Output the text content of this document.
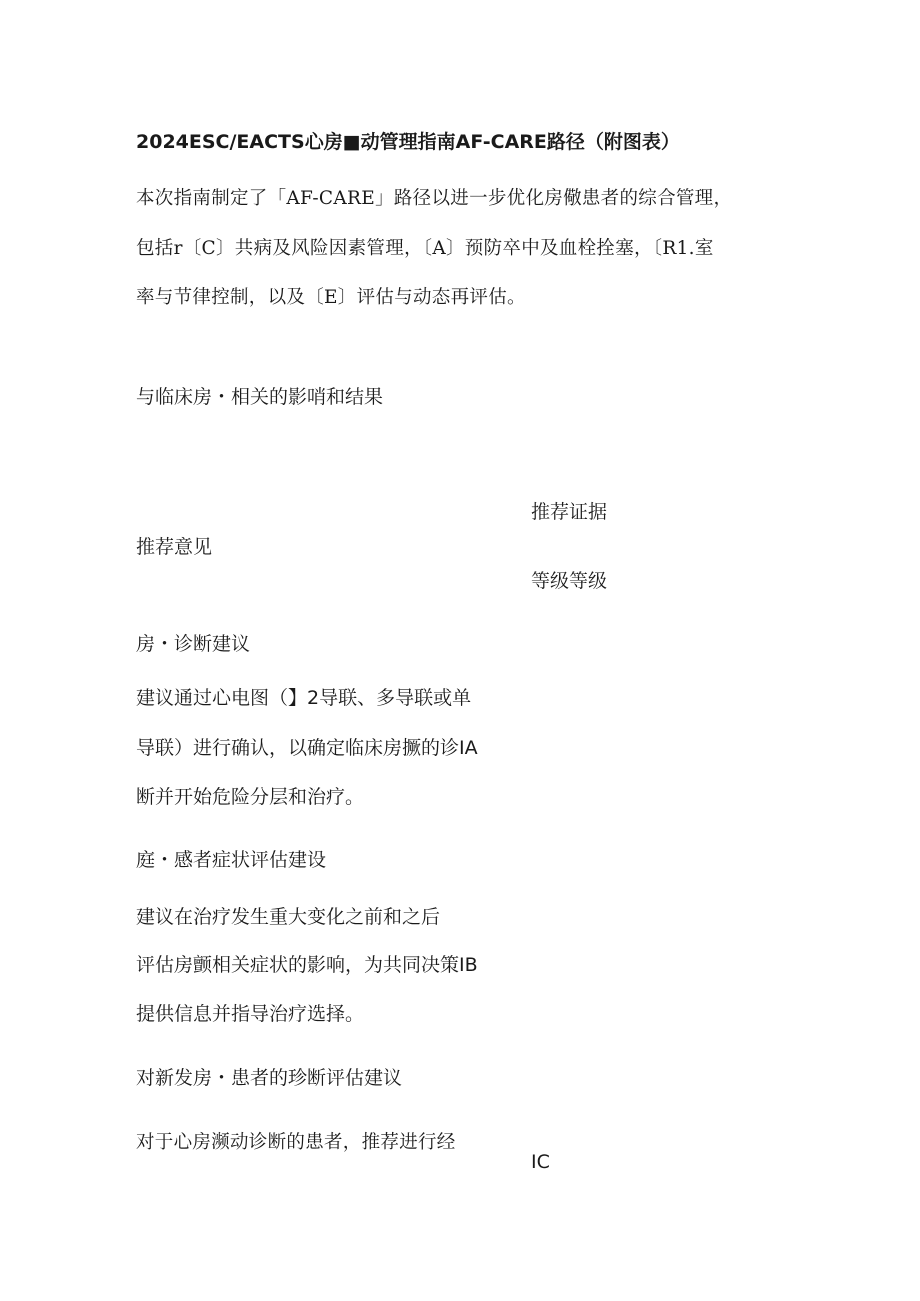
2024ESC/EACTS心房■动管理指南AF-CARE路径（附图表）
本次指南制定了「AF-CARE」路径以进一步优化房儆患者的综合管理，
包括r〔C〕共病及风险因素管理，〔A〕预防卒中及血栓拴塞，〔R1.室
率与节律控制，以及〔E〕评估与动态再评估。
与临床房・相关的影哨和结果
推荐证据
推荐意见
等级等级
房・诊断建议
建议通过心电图（】2导联、多导联或单
导联）进行确认，以确定临床房撅的诊IA
断并开始危险分层和治疗。
庭・感者症状评估建设
建议在治疗发生重大变化之前和之后
评估房颤相关症状的影响，为共同决策IB
提供信息并指导治疗选择。
对新发房・患者的珍断评估建议
对于心房濒动诊断的患者，推荐进行经
IC
